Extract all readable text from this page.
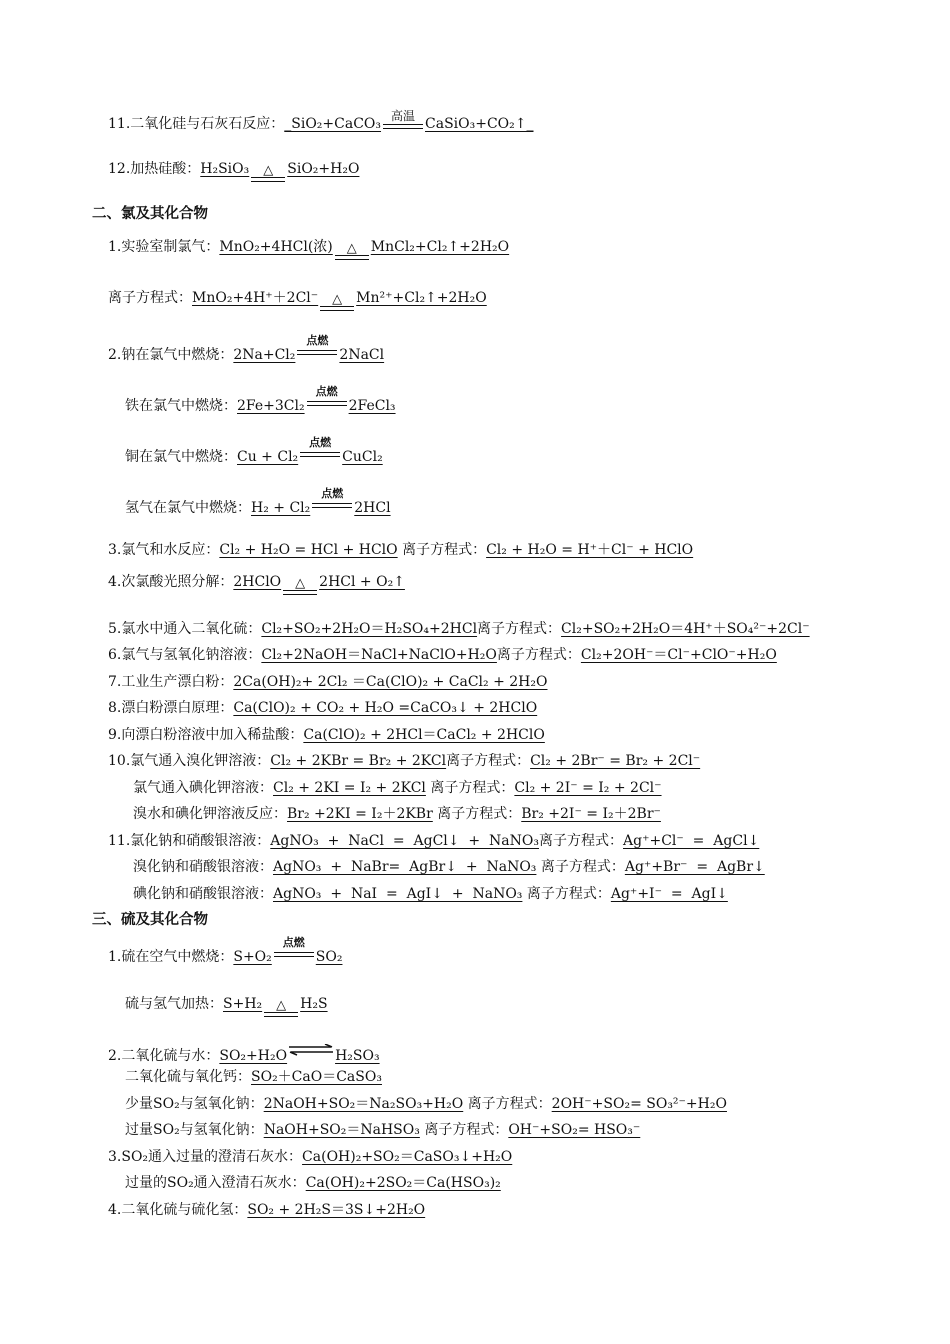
11.二氧化硅与石灰石反应：_SiO₂+CaCO₃ 高温 CaSiO₃+CO₂↑_
12.加热硅酸：H₂SiO₃	△	SiO₂+H₂O
二、氯及其化合物
1.实验室制氯气：MnO₂+4HCl(浓)	△	MnCl₂+Cl₂↑+2H₂O
离子方程式：MnO₂+4H⁺＋2Cl⁻	△	Mn²⁺+Cl₂↑+2H₂O
2.钠在氯气中燃烧：2Na+Cl₂
点燃
2NaCl
铁在氯气中燃烧：2Fe+3Cl₂
点燃
2FeCl₃
铜在氯气中燃烧：Cu + Cl₂
点燃
CuCl₂
氢气在氯气中燃烧：H₂ + Cl₂
点燃
2HCl
3.氯气和水反应：Cl₂ + H₂O = HCl + HClO 离子方程式：Cl₂ + H₂O = H⁺＋Cl⁻ + HClO
4.次氯酸光照分解：2HClO	△	2HCl + O₂↑
5.氯水中通入二氧化硫：Cl₂+SO₂+2H₂O＝H₂SO₄+2HCl离子方程式：Cl₂+SO₂+2H₂O＝4H⁺＋SO₄²⁻+2Cl⁻
6.氯气与氢氧化钠溶液：Cl₂+2NaOH＝NaCl+NaClO+H₂O离子方程式：Cl₂+2OH⁻＝Cl⁻+ClO⁻+H₂O
7.工业生产漂白粉：2Ca(OH)₂+ 2Cl₂ ＝Ca(ClO)₂ + CaCl₂ + 2H₂O
8.漂白粉漂白原理：Ca(ClO)₂ + CO₂ + H₂O =CaCO₃↓ + 2HClO
9.向漂白粉溶液中加入稀盐酸：Ca(ClO)₂ + 2HCl＝CaCl₂ + 2HClO
10.氯气通入溴化钾溶液：Cl₂ + 2KBr = Br₂ + 2KCl离子方程式：Cl₂ + 2Br⁻ = Br₂ + 2Cl⁻
氯气通入碘化钾溶液：Cl₂ + 2KI = I₂ + 2KCl 离子方程式：Cl₂ + 2I⁻ = I₂ + 2Cl⁻
溴水和碘化钾溶液反应：Br₂ +2KI = I₂＋2KBr 离子方程式：Br₂ +2I⁻ = I₂＋2Br⁻
11.氯化钠和硝酸银溶液：AgNO₃  +  NaCl  =  AgCl↓  +  NaNO₃离子方程式：Ag⁺+Cl⁻  =  AgCl↓
溴化钠和硝酸银溶液：AgNO₃  +  NaBr=  AgBr↓  +  NaNO₃ 离子方程式：Ag⁺+Br⁻  =  AgBr↓
碘化钠和硝酸银溶液：AgNO₃  +  NaI  =  AgI↓  +  NaNO₃ 离子方程式：Ag⁺+I⁻  =  AgI↓
三、硫及其化合物
1.硫在空气中燃烧：S+O₂
点燃
SO₂
硫与氢气加热：S+H₂	△	H₂S
2.二氧化硫与水：SO₂+H₂O⇌H₂SO₃
二氧化硫与氧化钙：SO₂＋CaO＝CaSO₃
少量SO₂与氢氧化钠：2NaOH+SO₂＝Na₂SO₃+H₂O 离子方程式：2OH⁻+SO₂= SO₃²⁻+H₂O
过量SO₂与氢氧化钠：NaOH+SO₂＝NaHSO₃ 离子方程式：OH⁻+SO₂= HSO₃⁻
3.SO₂通入过量的澄清石灰水：Ca(OH)₂+SO₂＝CaSO₃↓+H₂O
过量的SO₂通入澄清石灰水：Ca(OH)₂+2SO₂＝Ca(HSO₃)₂
4.二氧化硫与硫化氢：SO₂ + 2H₂S＝3S↓+2H₂O
